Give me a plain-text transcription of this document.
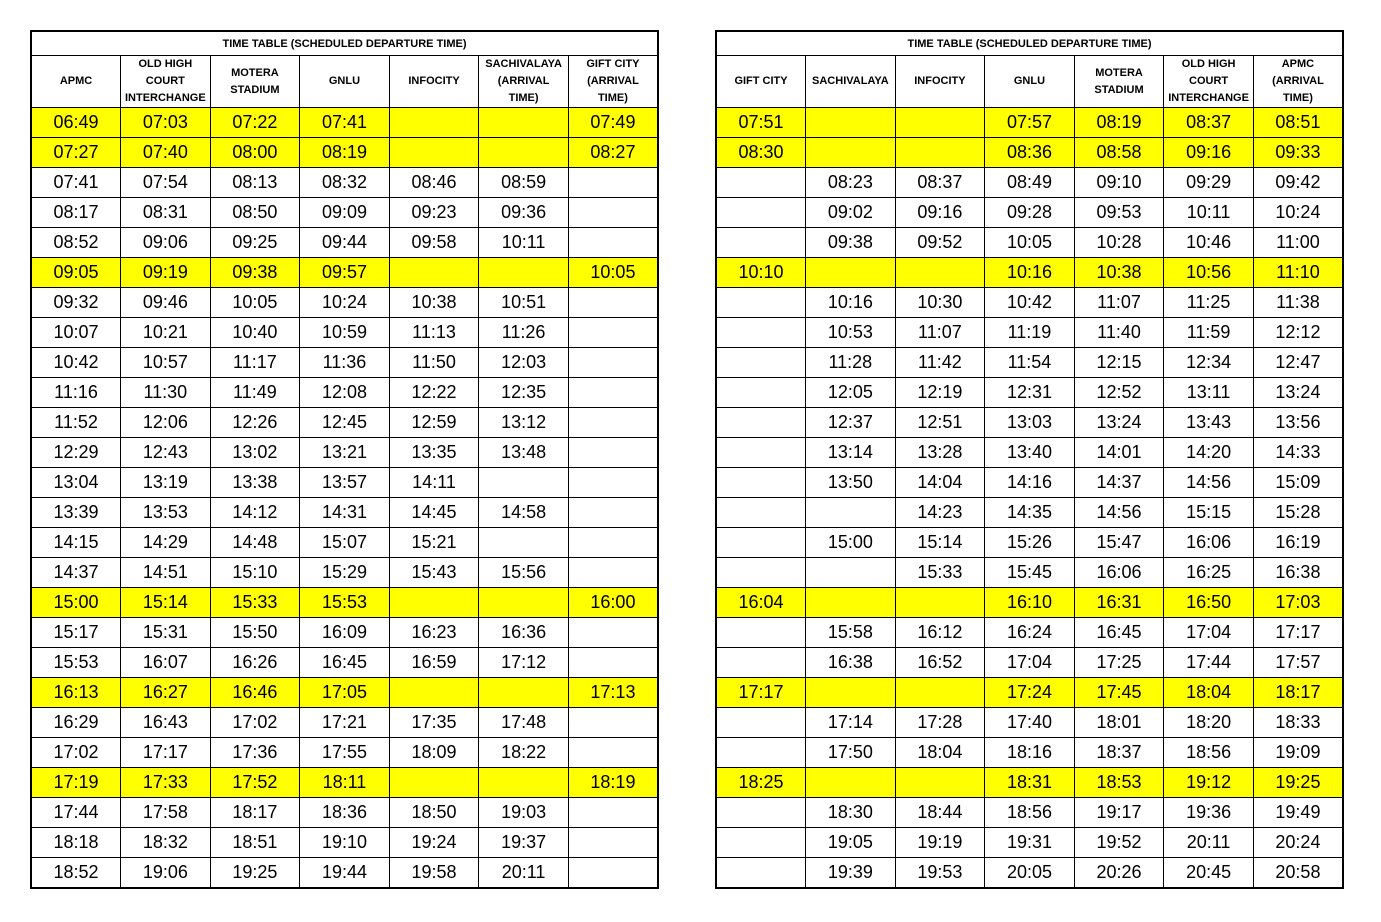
TIME TABLE (SCHEDULED DEPARTURE TIME)						
APMC	OLD HIGH
COURT
INTERCHANGE	MOTERA
STADIUM	GNLU	INFOCITY	SACHIVALAYA
(ARRIVAL
TIME)	GIFT CITY
(ARRIVAL
TIME)
06:49	07:03	07:22	07:41			07:49
07:27	07:40	08:00	08:19			08:27
07:41	07:54	08:13	08:32	08:46	08:59	
08:17	08:31	08:50	09:09	09:23	09:36	
08:52	09:06	09:25	09:44	09:58	10:11	
09:05	09:19	09:38	09:57			10:05
09:32	09:46	10:05	10:24	10:38	10:51	
10:07	10:21	10:40	10:59	11:13	11:26	
10:42	10:57	11:17	11:36	11:50	12:03	
11:16	11:30	11:49	12:08	12:22	12:35	
11:52	12:06	12:26	12:45	12:59	13:12	
12:29	12:43	13:02	13:21	13:35	13:48	
13:04	13:19	13:38	13:57	14:11		
13:39	13:53	14:12	14:31	14:45	14:58	
14:15	14:29	14:48	15:07	15:21		
14:37	14:51	15:10	15:29	15:43	15:56	
15:00	15:14	15:33	15:53			16:00
15:17	15:31	15:50	16:09	16:23	16:36	
15:53	16:07	16:26	16:45	16:59	17:12	
16:13	16:27	16:46	17:05			17:13
16:29	16:43	17:02	17:21	17:35	17:48	
17:02	17:17	17:36	17:55	18:09	18:22	
17:19	17:33	17:52	18:11			18:19
17:44	17:58	18:17	18:36	18:50	19:03	
18:18	18:32	18:51	19:10	19:24	19:37	
18:52	19:06	19:25	19:44	19:58	20:11	
TIME TABLE (SCHEDULED DEPARTURE TIME)						
GIFT CITY	SACHIVALAYA	INFOCITY	GNLU	MOTERA
STADIUM	OLD HIGH
COURT
INTERCHANGE	APMC
(ARRIVAL
TIME)
07:51			07:57	08:19	08:37	08:51
08:30			08:36	08:58	09:16	09:33
	08:23	08:37	08:49	09:10	09:29	09:42
	09:02	09:16	09:28	09:53	10:11	10:24
	09:38	09:52	10:05	10:28	10:46	11:00
10:10			10:16	10:38	10:56	11:10
	10:16	10:30	10:42	11:07	11:25	11:38
	10:53	11:07	11:19	11:40	11:59	12:12
	11:28	11:42	11:54	12:15	12:34	12:47
	12:05	12:19	12:31	12:52	13:11	13:24
	12:37	12:51	13:03	13:24	13:43	13:56
	13:14	13:28	13:40	14:01	14:20	14:33
	13:50	14:04	14:16	14:37	14:56	15:09
		14:23	14:35	14:56	15:15	15:28
	15:00	15:14	15:26	15:47	16:06	16:19
		15:33	15:45	16:06	16:25	16:38
16:04			16:10	16:31	16:50	17:03
	15:58	16:12	16:24	16:45	17:04	17:17
	16:38	16:52	17:04	17:25	17:44	17:57
17:17			17:24	17:45	18:04	18:17
	17:14	17:28	17:40	18:01	18:20	18:33
	17:50	18:04	18:16	18:37	18:56	19:09
18:25			18:31	18:53	19:12	19:25
	18:30	18:44	18:56	19:17	19:36	19:49
	19:05	19:19	19:31	19:52	20:11	20:24
	19:39	19:53	20:05	20:26	20:45	20:58
